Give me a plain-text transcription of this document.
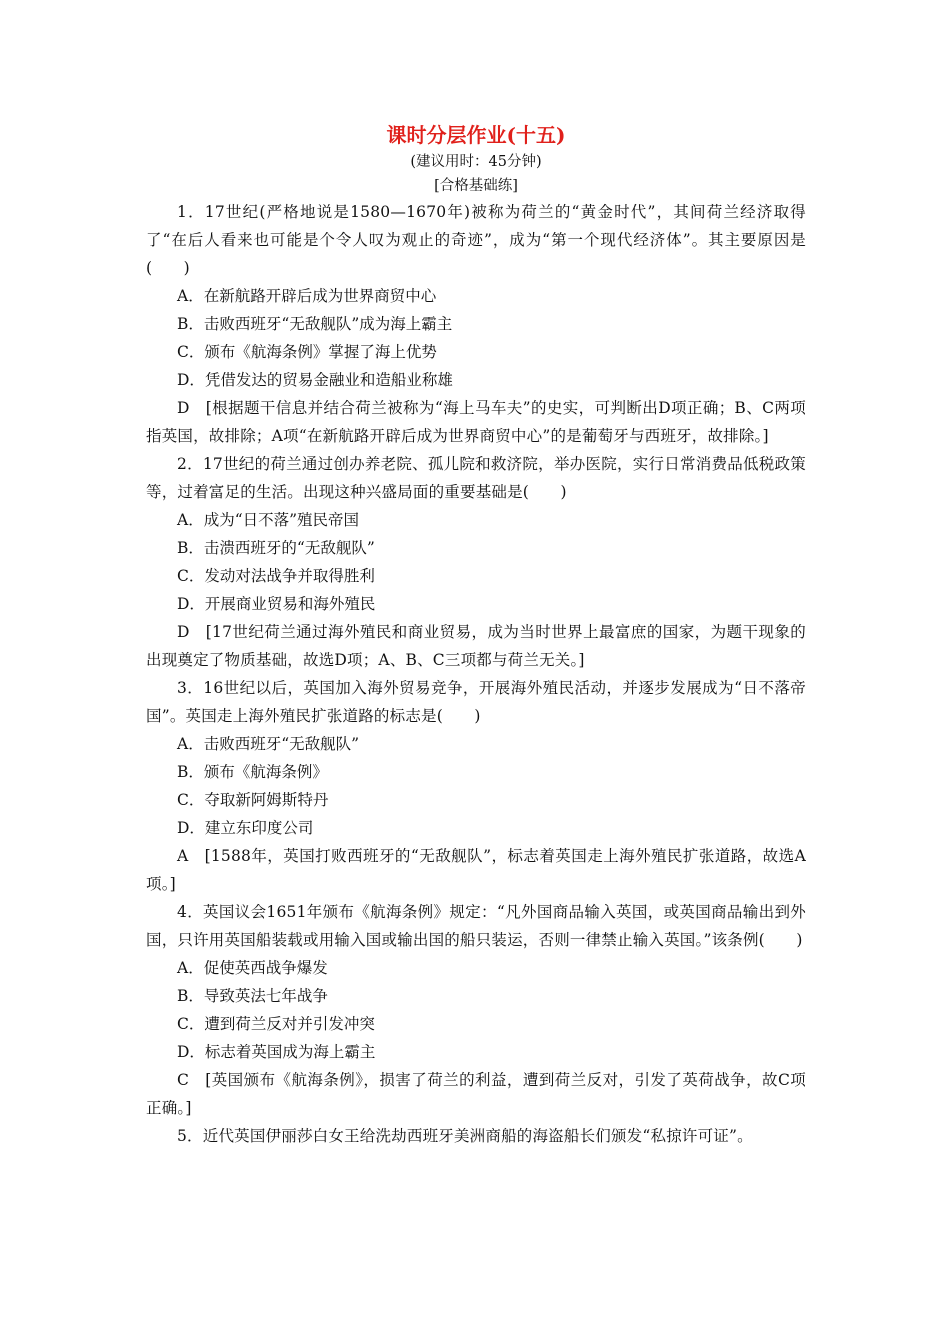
课时分层作业(十五)

(建议用时：45分钟)

[合格基础练]

1．17世纪(严格地说是1580—1670年)被称为荷兰的“黄金时代”，其间荷兰经济取得了“在后人看来也可能是个令人叹为观止的奇迹”，成为“第一个现代经济体”。其主要原因是(　　)

A．在新航路开辟后成为世界商贸中心

B．击败西班牙“无敌舰队”成为海上霸主

C．颁布《航海条例》掌握了海上优势

D．凭借发达的贸易金融业和造船业称雄

D　[根据题干信息并结合荷兰被称为“海上马车夫”的史实，可判断出D项正确；B、C两项指英国，故排除；A项“在新航路开辟后成为世界商贸中心”的是葡萄牙与西班牙，故排除。]

2．17世纪的荷兰通过创办养老院、孤儿院和救济院，举办医院，实行日常消费品低税政策等，过着富足的生活。出现这种兴盛局面的重要基础是(　　)

A．成为“日不落”殖民帝国

B．击溃西班牙的“无敌舰队”

C．发动对法战争并取得胜利

D．开展商业贸易和海外殖民

D　[17世纪荷兰通过海外殖民和商业贸易，成为当时世界上最富庶的国家，为题干现象的出现奠定了物质基础，故选D项；A、B、C三项都与荷兰无关。]

3．16世纪以后，英国加入海外贸易竞争，开展海外殖民活动，并逐步发展成为“日不落帝国”。英国走上海外殖民扩张道路的标志是(　　)

A．击败西班牙“无敌舰队”

B．颁布《航海条例》

C．夺取新阿姆斯特丹

D．建立东印度公司

A　[1588年，英国打败西班牙的“无敌舰队”，标志着英国走上海外殖民扩张道路，故选A项。]

4．英国议会1651年颁布《航海条例》规定：“凡外国商品输入英国，或英国商品输出到外国，只许用英国船装载或用输入国或输出国的船只装运，否则一律禁止输入英国。”该条例(　　)

A．促使英西战争爆发

B．导致英法七年战争

C．遭到荷兰反对并引发冲突

D．标志着英国成为海上霸主

C　[英国颁布《航海条例》，损害了荷兰的利益，遭到荷兰反对，引发了英荷战争，故C项正确。]

5．近代英国伊丽莎白女王给洗劫西班牙美洲商船的海盗船长们颁发“私掠许可证”。
